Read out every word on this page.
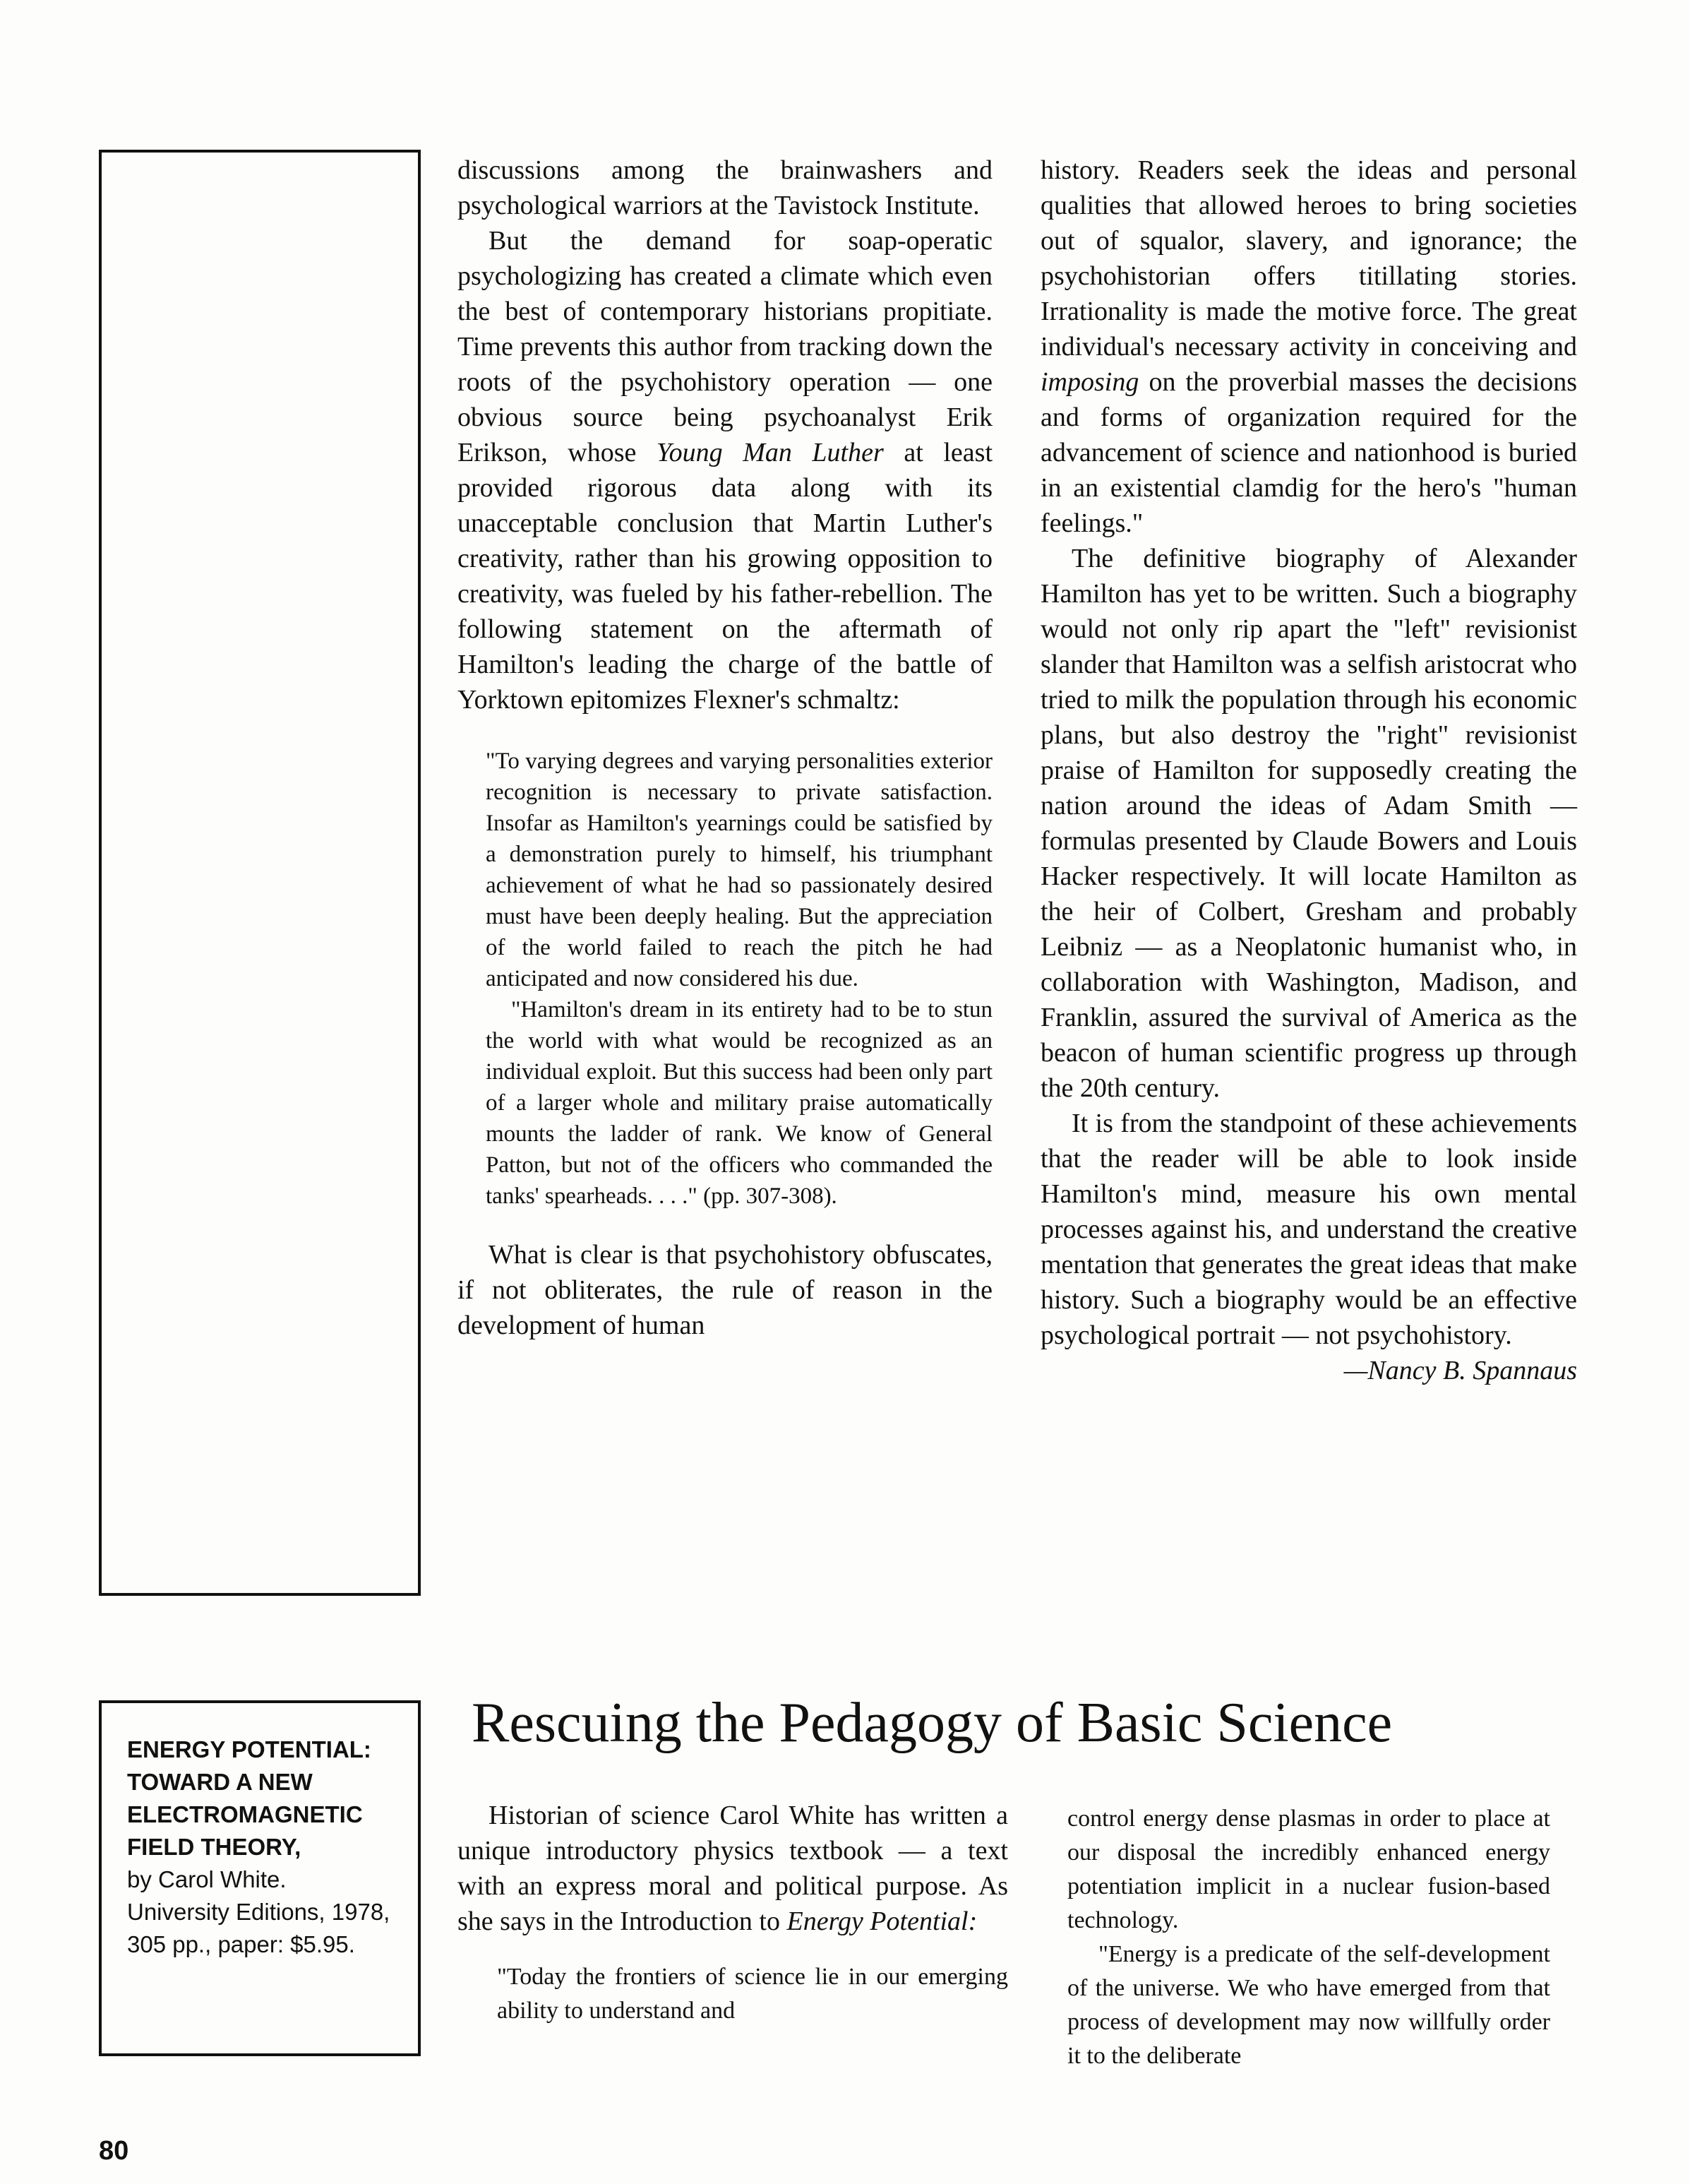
discussions among the brainwashers and psychological warriors at the Tavistock Institute.

But the demand for soap-operatic psychologizing has created a climate which even the best of contemporary historians propitiate. Time prevents this author from tracking down the roots of the psychohistory operation — one obvious source being psychoanalyst Erik Erikson, whose Young Man Luther at least provided rigorous data along with its unacceptable conclusion that Martin Luther's creativity, rather than his growing opposition to creativity, was fueled by his father-rebellion. The following statement on the aftermath of Hamilton's leading the charge of the battle of Yorktown epitomizes Flexner's schmaltz:

"To varying degrees and varying personalities exterior recognition is necessary to private satisfaction. Insofar as Hamilton's yearnings could be satisfied by a demonstration purely to himself, his triumphant achievement of what he had so passionately desired must have been deeply healing. But the appreciation of the world failed to reach the pitch he had anticipated and now considered his due.

"Hamilton's dream in its entirety had to be to stun the world with what would be recognized as an individual exploit. But this success had been only part of a larger whole and military praise automatically mounts the ladder of rank. We know of General Patton, but not of the officers who commanded the tanks' spearheads. . . ." (pp. 307-308).

What is clear is that psychohistory obfuscates, if not obliterates, the rule of reason in the development of human

history. Readers seek the ideas and personal qualities that allowed heroes to bring societies out of squalor, slavery, and ignorance; the psychohistorian offers titillating stories. Irrationality is made the motive force. The great individual's necessary activity in conceiving and imposing on the proverbial masses the decisions and forms of organization required for the advancement of science and nationhood is buried in an existential clamdig for the hero's "human feelings."

The definitive biography of Alexander Hamilton has yet to be written. Such a biography would not only rip apart the "left" revisionist slander that Hamilton was a selfish aristocrat who tried to milk the population through his economic plans, but also destroy the "right" revisionist praise of Hamilton for supposedly creating the nation around the ideas of Adam Smith — formulas presented by Claude Bowers and Louis Hacker respectively. It will locate Hamilton as the heir of Colbert, Gresham and probably Leibniz — as a Neoplatonic humanist who, in collaboration with Washington, Madison, and Franklin, assured the survival of America as the beacon of human scientific progress up through the 20th century.

It is from the standpoint of these achievements that the reader will be able to look inside Hamilton's mind, measure his own mental processes against his, and understand the creative mentation that generates the great ideas that make history. Such a biography would be an effective psychological portrait — not psychohistory.

—Nancy B. Spannaus

Rescuing the Pedagogy of Basic Science
ENERGY POTENTIAL: TOWARD A NEW ELECTROMAGNETIC FIELD THEORY,
by Carol White.
University Editions, 1978, 305 pp., paper: $5.95.

Historian of science Carol White has written a unique introductory physics textbook — a text with an express moral and political purpose. As she says in the Introduction to Energy Potential:

"Today the frontiers of science lie in our emerging ability to understand and

control energy dense plasmas in order to place at our disposal the incredibly enhanced energy potentiation implicit in a nuclear fusion-based technology.

"Energy is a predicate of the self-development of the universe. We who have emerged from that process of development may now willfully order it to the deliberate

80
